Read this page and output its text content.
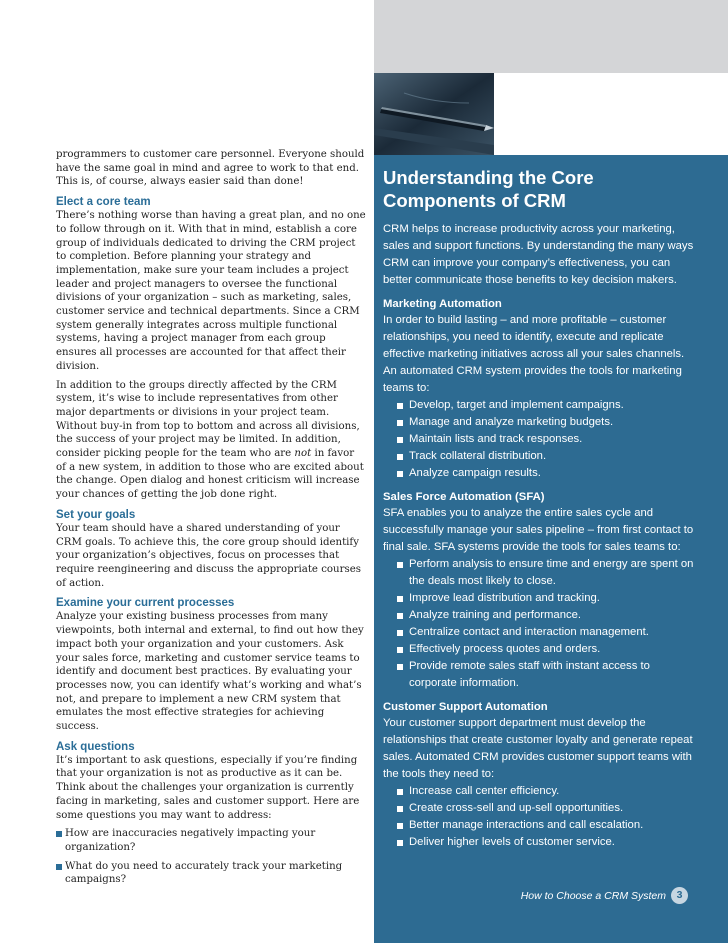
programmers to customer care personnel. Everyone should have the same goal in mind and agree to work to that end. This is, of course, always easier said than done!

Elect a core team

There’s nothing worse than having a great plan, and no one to follow through on it. With that in mind, establish a core group of individuals dedicated to driving the CRM project to completion. Before planning your strategy and implementation, make sure your team includes a project leader and project managers to oversee the functional divisions of your organization – such as marketing, sales, customer service and technical departments. Since a CRM system generally integrates across multiple functional systems, having a project manager from each group ensures all processes are accounted for that affect their division.

In addition to the groups directly affected by the CRM system, it’s wise to include representatives from other major departments or divisions in your project team. Without buy-in from top to bottom and across all divisions, the success of your project may be limited. In addition, consider picking people for the team who are not in favor of a new system, in addition to those who are excited about the change. Open dialog and honest criticism will increase your chances of getting the job done right.

Set your goals

Your team should have a shared understanding of your CRM goals. To achieve this, the core group should identify your organization’s objectives, focus on processes that require reengineering and discuss the appropriate courses of action.

Examine your current processes

Analyze your existing business processes from many viewpoints, both internal and external, to find out how they impact both your organization and your customers. Ask your sales force, marketing and customer service teams to identify and document best practices. By evaluating your processes now, you can identify what’s working and what’s not, and prepare to implement a new CRM system that emulates the most effective strategies for achieving success.

Ask questions

It’s important to ask questions, especially if you’re finding that your organization is not as productive as it can be. Think about the challenges your organization is currently facing in marketing, sales and customer support. Here are some questions you may want to address:

How are inaccuracies negatively impacting your organization?
What do you need to accurately track your marketing campaigns?
Understanding the Core Components of CRM

CRM helps to increase productivity across your marketing, sales and support functions. By understanding the many ways CRM can improve your company’s effectiveness, you can better communicate those benefits to key decision makers.

Marketing Automation

In order to build lasting – and more profitable – customer relationships, you need to identify, execute and replicate effective marketing initiatives across all your sales channels. An automated CRM system provides the tools for marketing teams to:

Develop, target and implement campaigns.
Manage and analyze marketing budgets.
Maintain lists and track responses.
Track collateral distribution.
Analyze campaign results.
Sales Force Automation (SFA)

SFA enables you to analyze the entire sales cycle and successfully manage your sales pipeline – from first contact to final sale. SFA systems provide the tools for sales teams to:

Perform analysis to ensure time and energy are spent on the deals most likely to close.
Improve lead distribution and tracking.
Analyze training and performance.
Centralize contact and interaction management.
Effectively process quotes and orders.
Provide remote sales staff with instant access to corporate information.
Customer Support Automation

Your customer support department must develop the relationships that create customer loyalty and generate repeat sales. Automated CRM provides customer support teams with the tools they need to:

Increase call center efficiency.
Create cross-sell and up-sell opportunities.
Better manage interactions and call escalation.
Deliver higher levels of customer service.
How to Choose a CRM System	3
